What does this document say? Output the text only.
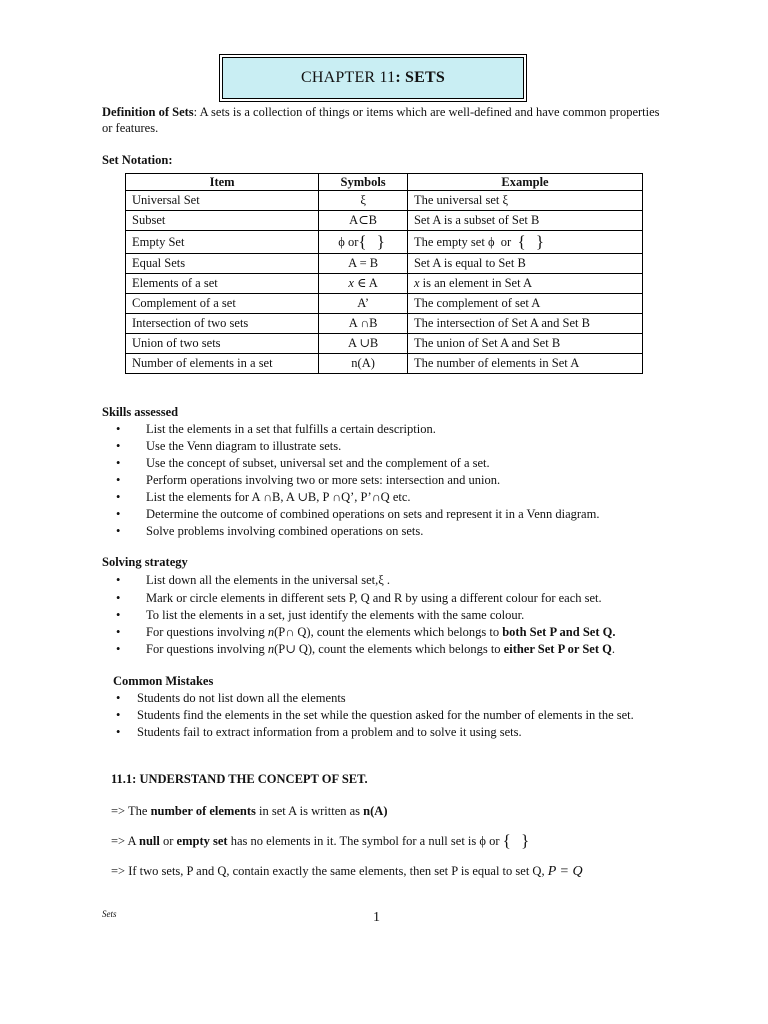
CHAPTER 11 : SETS
Definition of Sets: A sets is a collection of things or items which are well-defined and have common properties or features.
Set Notation:
Item	Symbols	Example
Universal Set	ξ	The universal set ξ
Subset	A⊂B	Set A is a subset of Set B
Empty Set	ϕ or{ }	The empty set ϕ or { }
Equal Sets	A = B	Set A is equal to Set B
Elements of a set	x ∈ A	x is an element in Set A
Complement of a set	A’	The complement of set A
Intersection of two sets	A ∩B	The intersection of Set A and Set B
Union of two sets	A ∪B	The union of Set A and Set B
Number of elements in a set	n(A)	The number of elements in Set A
Skills assessed
• List the elements in a set that fulfills a certain description.
• Use the Venn diagram to illustrate sets.
• Use the concept of subset, universal set and the complement of a set.
• Perform operations involving two or more sets: intersection and union.
• List the elements for A ∩B, A ∪B, P ∩Q’, P’∩Q etc.
• Determine the outcome of combined operations on sets and represent it in a Venn diagram.
• Solve problems involving combined operations on sets.
Solving strategy
• List down all the elements in the universal set,ξ .
• Mark or circle elements in different sets P, Q and R by using a different colour for each set.
• To list the elements in a set, just identify the elements with the same colour.
• For questions involving n(P∩ Q), count the elements which belongs to both Set P and Set Q.
• For questions involving n(P∪ Q), count the elements which belongs to either Set P or Set Q.
Common Mistakes
• Students do not list down all the elements
• Students find the elements in the set while the question asked for the number of elements in the set.
• Students fail to extract information from a problem and to solve it using sets.
11.1: UNDERSTAND THE CONCEPT OF SET.
=> The number of elements in set A is written as n(A)
=> A null or empty set has no elements in it. The symbol for a null set is ϕ or { }
=> If two sets, P and Q, contain exactly the same elements, then set P is equal to set Q, P = Q
Sets	1
